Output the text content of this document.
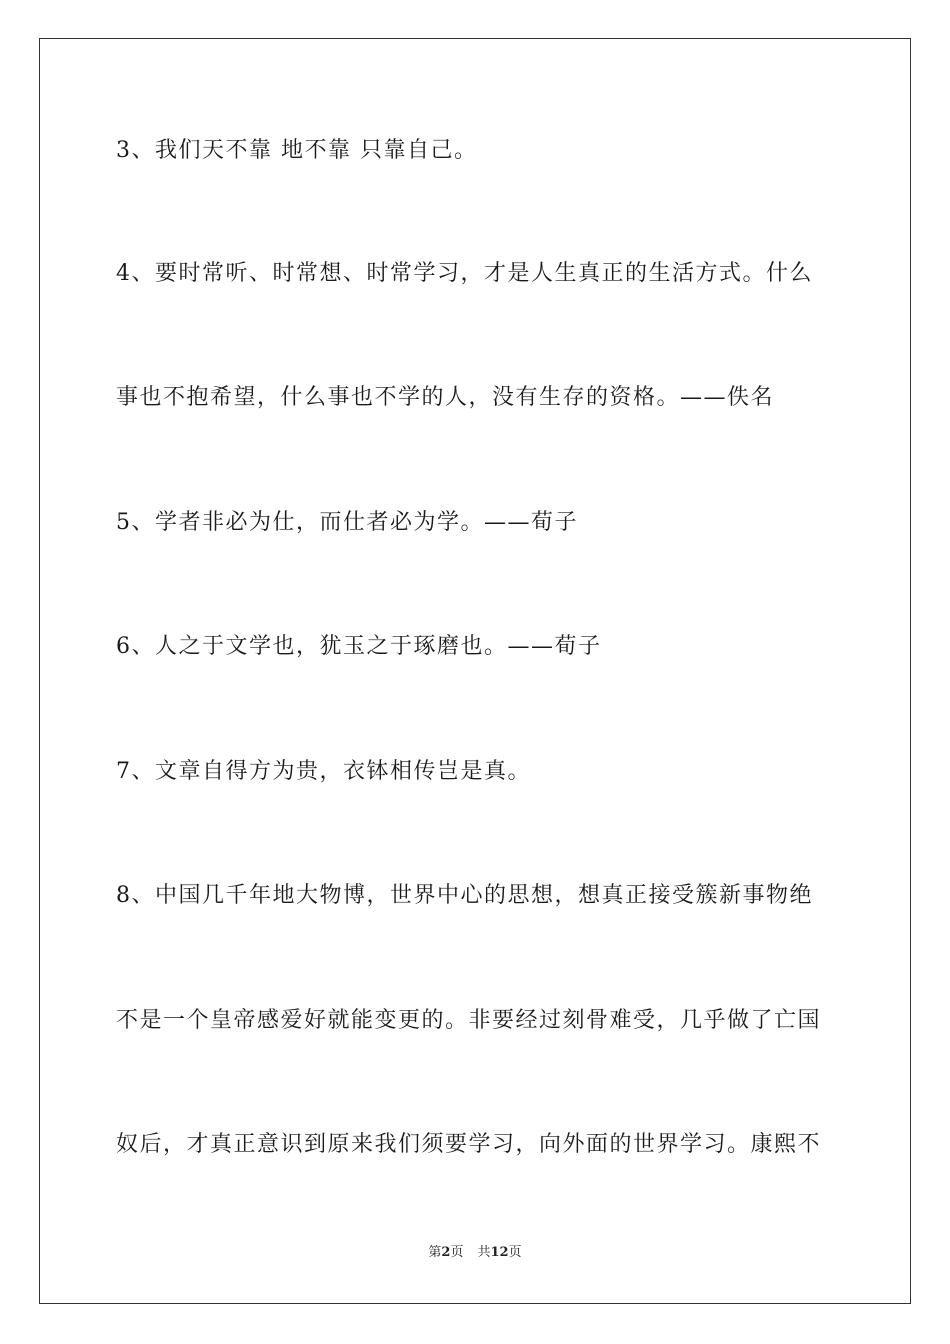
3、我们天不靠 地不靠 只靠自己。
4、要时常听、时常想、时常学习，才是人生真正的生活方式。什么
事也不抱希望，什么事也不学的人，没有生存的资格。——佚名
5、学者非必为仕，而仕者必为学。——荀子
6、人之于文学也，犹玉之于琢磨也。——荀子
7、文章自得方为贵，衣钵相传岂是真。
8、中国几千年地大物博，世界中心的思想，想真正接受簇新事物绝
不是一个皇帝感爱好就能变更的。非要经过刻骨难受，几乎做了亡国
奴后，才真正意识到原来我们须要学习，向外面的世界学习。康熙不
第2页 共12页
